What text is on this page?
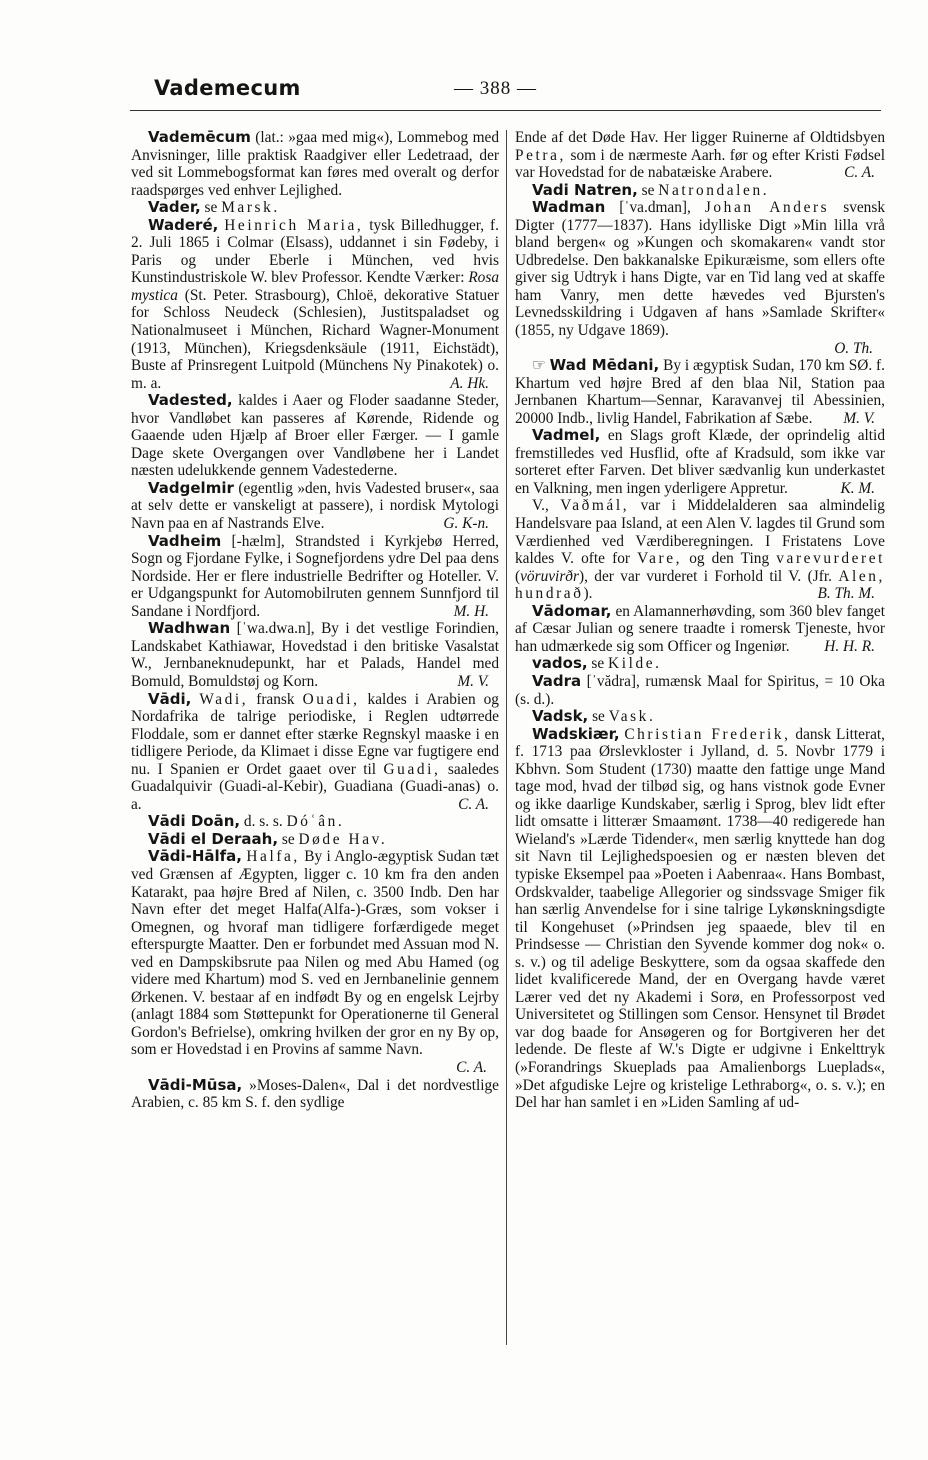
Vademecum	— 388 —

Vademēcum (lat.: »gaa med mig«), Lommebog med Anvisninger, lille praktisk Raadgiver eller Ledetraad, der ved sit Lommebogsformat kan føres med overalt og derfor raadspørges ved enhver Lejlighed.

Vader, se Marsk.

Waderé, Heinrich Maria, tysk Billedhugger, f. 2. Juli 1865 i Colmar (Elsass), uddannet i sin Fødeby, i Paris og under Eberle i München, ved hvis Kunstindustriskole W. blev Professor. Kendte Værker: Rosa mystica (St. Peter. Strasbourg), Chloë, dekorative Statuer for Schloss Neudeck (Schlesien), Justitspaladset og Nationalmuseet i München, Richard Wagner-Monument (1913, München), Kriegsdenksäule (1911, Eichstädt), Buste af Prinsregent Luitpold (Münchens Ny Pinakotek) o. m. a.	A. Hk.

Vadested, kaldes i Aaer og Floder saadanne Steder, hvor Vandløbet kan passeres af Kørende, Ridende og Gaaende uden Hjælp af Broer eller Færger. — I gamle Dage skete Overgangen over Vandløbene her i Landet næsten udelukkende gennem Vadestederne.

Vadgelmir (egentlig »den, hvis Vadested bruser«, saa at selv dette er vanskeligt at passere), i nordisk Mytologi Navn paa en af Nastrands Elve.	G. K-n.

Vadheim [-hælm], Strandsted i Kyrkjebø Herred, Sogn og Fjordane Fylke, i Sognefjordens ydre Del paa dens Nordside. Her er flere industrielle Bedrifter og Hoteller. V. er Udgangspunkt for Automobilruten gennem Sunnfjord til Sandane i Nordfjord.	M. H.

Wadhwan [ˈwa.dwa.n], By i det vestlige Forindien, Landskabet Kathiawar, Hovedstad i den britiske Vasalstat W., Jernbaneknudepunkt, har et Palads, Handel med Bomuld, Bomuldstøj og Korn.	M. V.

Vādi, Wadi, fransk Ouadi, kaldes i Arabien og Nordafrika de talrige periodiske, i Reglen udtørrede Floddale, som er dannet efter stærke Regnskyl maaske i en tidligere Periode, da Klimaet i disse Egne var fugtigere end nu. I Spanien er Ordet gaaet over til Guadi, saaledes Guadalquivir (Guadi-al-Kebir), Guadiana (Guadi-anas) o. a.	C. A.

Vādi Doān, d. s. s. Dóʿân.

Vādi el Deraah, se Døde Hav.

Vādi-Hālfa, Halfa, By i Anglo-ægyptisk Sudan tæt ved Grænsen af Ægypten, ligger c. 10 km fra den anden Katarakt, paa højre Bred af Nilen, c. 3500 Indb. Den har Navn efter det meget Halfa(Alfa-)-Græs, som vokser i Omegnen, og hvoraf man tidligere forfærdigede meget efterspurgte Maatter. Den er forbundet med Assuan mod N. ved en Dampskibsrute paa Nilen og med Abu Hamed (og videre med Khartum) mod S. ved en Jernbanelinie gennem Ørkenen. V. bestaar af en indfødt By og en engelsk Lejrby (anlagt 1884 som Støttepunkt for Operationerne til General Gordon's Befrielse), omkring hvilken der gror en ny By op, som er Hovedstad i en Provins af samme Navn.
C. A.

Vādi-Mūsa, »Moses-Dalen«, Dal i det nordvestlige Arabien, c. 85 km S. f. den sydlige

Ende af det Døde Hav. Her ligger Ruinerne af Oldtidsbyen Petra, som i de nærmeste Aarh. før og efter Kristi Fødsel var Hovedstad for de nabatæiske Arabere.	C. A.

Vadi Natren, se Natrondalen.

Wadman [ˈva.dman], Johan Anders svensk Digter (1777—1837). Hans idylliske Digt »Min lilla vrå bland bergen« og »Kungen och skomakaren« vandt stor Udbredelse. Den bakkanalske Epikuræisme, som ellers ofte giver sig Udtryk i hans Digte, var en Tid lang ved at skaffe ham Vanry, men dette hævedes ved Bjursten's Levnedsskildring i Udgaven af hans »Samlade Skrifter« (1855, ny Udgave 1869).
O. Th.

☞ Wad Mēdani, By i ægyptisk Sudan, 170 km SØ. f. Khartum ved højre Bred af den blaa Nil, Station paa Jernbanen Khartum—Sennar, Karavanvej til Abessinien, 20000 Indb., livlig Handel, Fabrikation af Sæbe.	M. V.

Vadmel, en Slags groft Klæde, der oprindelig altid fremstilledes ved Husflid, ofte af Kradsuld, som ikke var sorteret efter Farven. Det bliver sædvanlig kun underkastet en Valkning, men ingen yderligere Appretur.	K. M.

V., Vaðmál, var i Middelalderen saa almindelig Handelsvare paa Island, at een Alen V. lagdes til Grund som Værdienhed ved Værdiberegningen. I Fristatens Love kaldes V. ofte for Vare, og den Ting varevurderet (vöruvirðr), der var vurderet i Forhold til V. (Jfr. Alen, hundrað).	B. Th. M.

Vādomar, en Alamannerhøvding, som 360 blev fanget af Cæsar Julian og senere traadte i romersk Tjeneste, hvor han udmærkede sig som Officer og Ingeniør.	H. H. R.

vados, se Kilde.

Vadra [ˈvădra], rumænsk Maal for Spiritus, = 10 Oka (s. d.).

Vadsk, se Vask.

Wadskiær, Christian Frederik, dansk Litterat, f. 1713 paa Ørslevkloster i Jylland, d. 5. Novbr 1779 i Kbhvn. Som Student (1730) maatte den fattige unge Mand tage mod, hvad der tilbød sig, og hans vistnok gode Evner og ikke daarlige Kundskaber, særlig i Sprog, blev lidt efter lidt omsatte i litterær Smaamønt. 1738—40 redigerede han Wieland's »Lærde Tidender«, men særlig knyttede han dog sit Navn til Lejlighedspoesien og er næsten bleven det typiske Eksempel paa »Poeten i Aabenraa«. Hans Bombast, Ordskvalder, taabelige Allegorier og sindssvage Smiger fik han særlig Anvendelse for i sine talrige Lykønskningsdigte til Kongehuset (»Prindsen jeg spaaede, blev til en Prindsesse — Christian den Syvende kommer dog nok« o. s. v.) og til adelige Beskyttere, som da ogsaa skaffede den lidet kvalificerede Mand, der en Overgang havde været Lærer ved det ny Akademi i Sorø, en Professorpost ved Universitetet og Stillingen som Censor. Hensynet til Brødet var dog baade for Ansøgeren og for Bortgiveren her det ledende. De fleste af W.'s Digte er udgivne i Enkelttryk (»Forandrings Skueplads paa Amalienborgs Lueplads«, »Det afgudiske Lejre og kristelige Lethraborg«, o. s. v.); en Del har han samlet i en »Liden Samling af ud-
